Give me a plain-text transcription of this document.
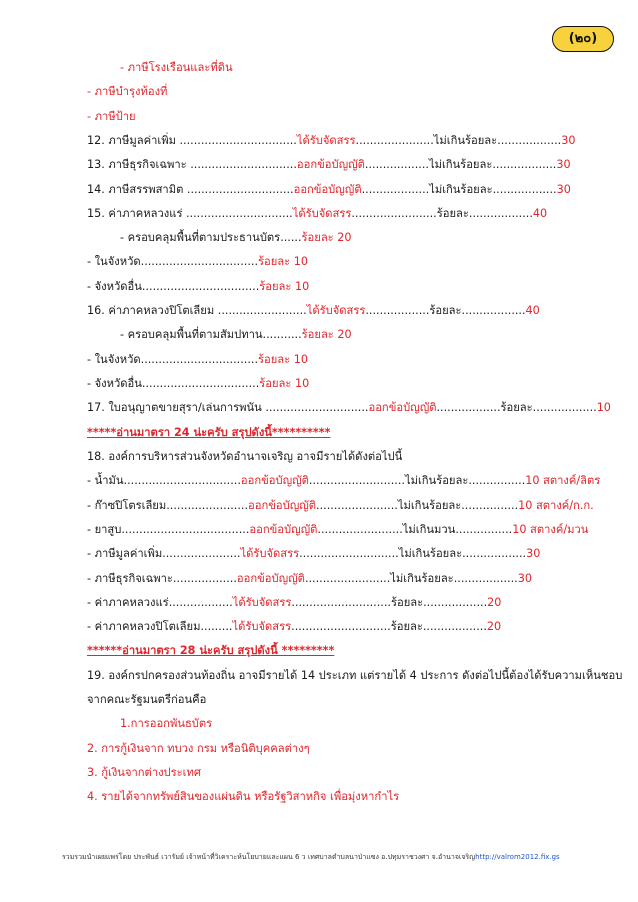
(๒๐)
- ภาษีโรงเรือนและที่ดิน
- ภาษีบำรุงท้องที่
- ภาษีป้าย
12. ภาษีมูลค่าเพิ่ม .................................ได้รับจัดสรร......................ไม่เกินร้อยละ..................30
13. ภาษีธุรกิจเฉพาะ ..............................ออกข้อบัญญัติ..................ไม่เกินร้อยละ..................30
14. ภาษีสรรพสามิต ..............................ออกข้อบัญญัติ...................ไม่เกินร้อยละ..................30
15. ค่าภาคหลวงแร่ ..............................ได้รับจัดสรร........................ร้อยละ..................40
- ครอบคลุมพื้นที่ตามประธานบัตร......ร้อยละ 20
- ในจังหวัด.................................ร้อยละ 10
- จังหวัดอื่น.................................ร้อยละ 10
16. ค่าภาคหลวงปิโตเลียม .........................ได้รับจัดสรร..................ร้อยละ..................40
- ครอบคลุมพื้นที่ตามสัมปทาน...........ร้อยละ 20
- ในจังหวัด.................................ร้อยละ 10
- จังหวัดอื่น.................................ร้อยละ 10
17. ใบอนุญาตขายสุรา/เล่นการพนัน .............................ออกข้อบัญญัติ..................ร้อยละ..................10
*****อ่านมาตรา 24 น่ะครับ สรุปดังนี้**********
18. องค์การบริหารส่วนจังหวัดอำนาจเจริญ อาจมีรายได้ดังต่อไปนี้
- น้ำมัน.................................ออกข้อบัญญัติ...........................ไม่เกินร้อยละ................10 สตางค์/ลิตร
- ก๊าซปิโตรเลียม.......................ออกข้อบัญญัติ.......................ไม่เกินร้อยละ................10 สตางค์/ก.ก.
- ยาสูบ....................................ออกข้อบัญญัติ........................ไม่เกินมวน................10 สตางค์/มวน
- ภาษีมูลค่าเพิ่ม......................ได้รับจัดสรร............................ไม่เกินร้อยละ..................30
- ภาษีธุรกิจเฉพาะ..................ออกข้อบัญญัติ........................ไม่เกินร้อยละ..................30
- ค่าภาคหลวงแร่..................ได้รับจัดสรร............................ร้อยละ..................20
- ค่าภาคหลวงปิโตเลียม.........ได้รับจัดสรร............................ร้อยละ..................20
******อ่านมาตรา 28 น่ะครับ สรุปดังนี้ *********
19. องค์กรปกครองส่วนท้องถิ่น อาจมีรายได้ 14 ประเภท แต่รายได้ 4 ประการ ดังต่อไปนี้ต้องได้รับความเห็นชอบ
จากคณะรัฐมนตรีก่อนคือ
1.การออกพันธบัตร
2. การกู้เงินจาก ทบวง กรม หรือนิติบุคคลต่างๆ
3. กู้เงินจากต่างประเทศ
4. รายได้จากทรัพย์สินของแผ่นดิน หรือรัฐวิสาหกิจ เพื่อมุ่งหากำไร
รวมรวมนำเผยแพร่โดย ประพันธ์ เวารัมย์ เจ้าหน้าที่วิเคราะห์นโยบายและแผน 6 ว เทศบาลตำบลนาป่าแซง อ.ปทุมราชวงศา จ.อำนาจเจริญhttp://valrom2012.fix.gs
